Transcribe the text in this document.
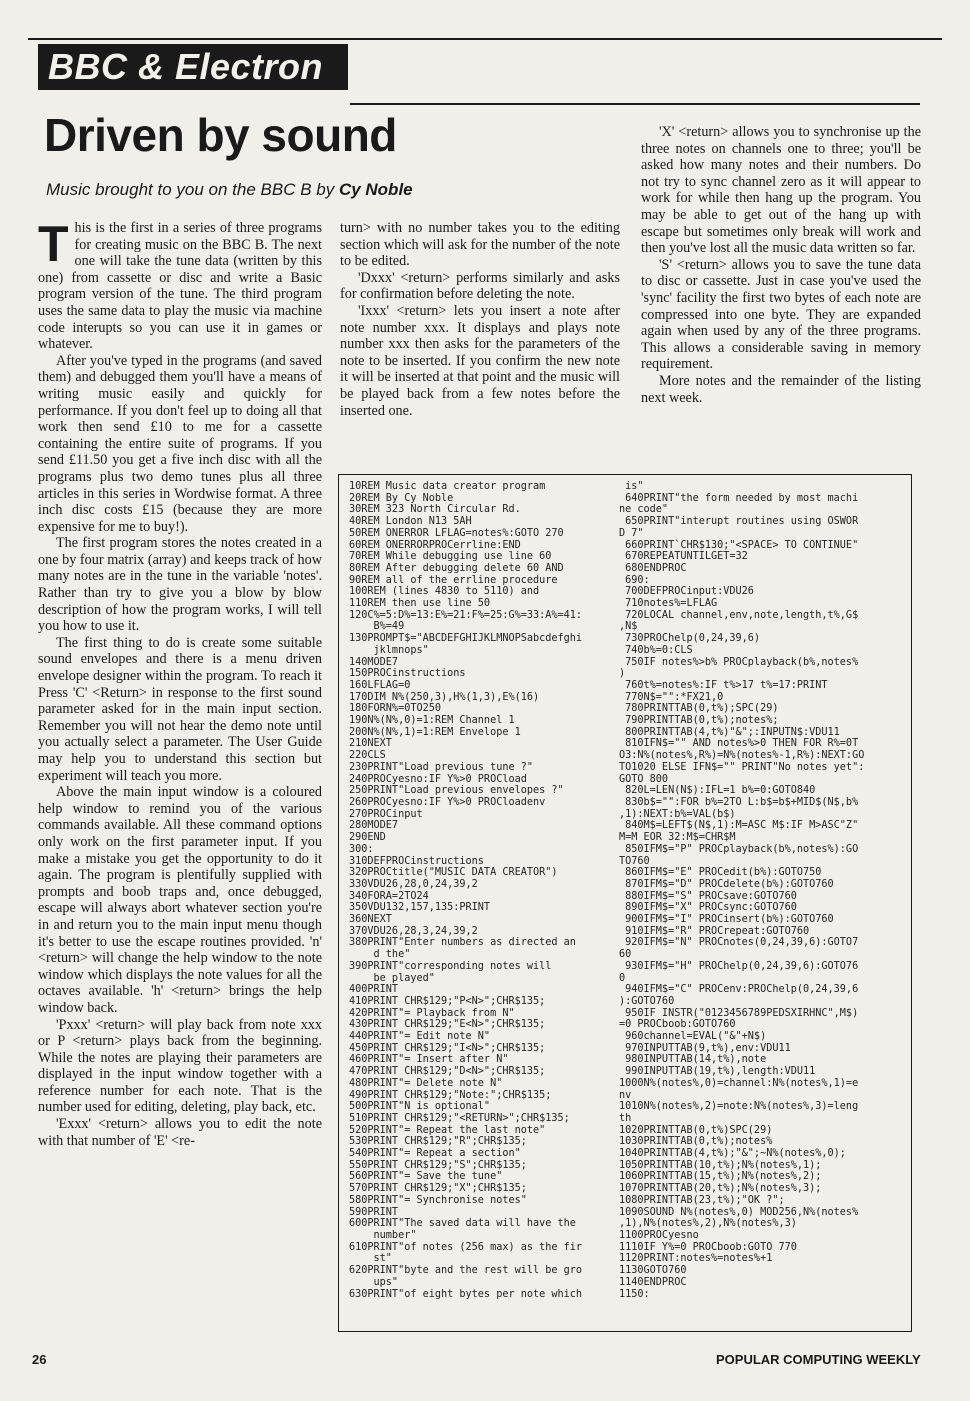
BBC & Electron
Driven by sound
Music brought to you on the BBC B by Cy Noble

This is the first in a series of three programs for creating music on the BBC B. The next one will take the tune data (written by this one) from cassette or disc and write a Basic program version of the tune. The third program uses the same data to play the music via machine code interupts so you can use it in games or whatever.

After you've typed in the programs (and saved them) and debugged them you'll have a means of writing music easily and quickly for performance. If you don't feel up to doing all that work then send £10 to me for a cassette containing the entire suite of programs. If you send £11.50 you get a five inch disc with all the programs plus two demo tunes plus all three articles in this series in Wordwise format. A three inch disc costs £15 (because they are more expensive for me to buy!).

The first program stores the notes created in a one by four matrix (array) and keeps track of how many notes are in the tune in the variable 'notes'. Rather than try to give you a blow by blow description of how the program works, I will tell you how to use it.

The first thing to do is create some suitable sound envelopes and there is a menu driven envelope designer within the program. To reach it Press 'C' <Return> in response to the first sound parameter asked for in the main input section. Remember you will not hear the demo note until you actually select a parameter. The User Guide may help you to understand this section but experiment will teach you more.

Above the main input window is a coloured help window to remind you of the various commands available. All these command options only work on the first parameter input. If you make a mistake you get the opportunity to do it again. The program is plentifully supplied with prompts and boob traps and, once debugged, escape will always abort whatever section you're in and return you to the main input menu though it's better to use the escape routines provided. 'n' <return> will change the help window to the note window which displays the note values for all the octaves available. 'h' <return> brings the help window back.

'Pxxx' <return> will play back from note xxx or P <return> plays back from the beginning. While the notes are playing their parameters are displayed in the input window together with a reference number for each note. That is the number used for editing, deleting, play back, etc.

'Exxx' <return> allows you to edit the note with that number of 'E' <re-

turn> with no number takes you to the editing section which will ask for the number of the note to be edited.

'Dxxx' <return> performs similarly and asks for confirmation before deleting the note.

'Ixxx' <return> lets you insert a note after note number xxx. It displays and plays note number xxx then asks for the parameters of the note to be inserted. If you confirm the new note it will be inserted at that point and the music will be played back from a few notes before the inserted one.

'X' <return> allows you to synchronise up the three notes on channels one to three; you'll be asked how many notes and their numbers. Do not try to sync channel zero as it will appear to work for while then hang up the program. You may be able to get out of the hang up with escape but sometimes only break will work and then you've lost all the music data written so far.

'S' <return> allows you to save the tune data to disc or cassette. Just in case you've used the 'sync' facility the first two bytes of each note are compressed into one byte. They are expanded again when used by any of the three programs. This allows a considerable saving in memory requirement.

More notes and the remainder of the listing next week.

10REM Music data creator program
20REM By Cy Noble
30REM 323 North Circular Rd.
40REM London N13 5AH
50REM ONERROR LFLAG=notes%:GOTO 270
60REM ONERRORPROCerrline:END
70REM While debugging use line 60
80REM After debugging delete 60 AND
90REM all of the errline procedure
100REM (lines 4830 to 5110) and
110REM then use line 50
120C%=5:D%=13:E%=21:F%=25:G%=33:A%=41:
B%=49
130PROMPT$="ABCDEFGHIJKLMNOPSabcdefghi
jklmnops"
140MODE7
150PROCinstructions
160LFLAG=0
170DIM N%(250,3),H%(1,3),E%(16)
180FORN%=0TO250
190N%(N%,0)=1:REM Channel 1
200N%(N%,1)=1:REM Envelope 1
210NEXT
220CLS
230PRINT"Load previous tune ?"
240PROCyesno:IF Y%>0 PROCload
250PRINT"Load previous envelopes ?"
260PROCyesno:IF Y%>0 PROCloadenv
270PROCinput
280MODE7
290END
300:
310DEFPROCinstructions
320PROCtitle("MUSIC DATA CREATOR")
330VDU26,28,0,24,39,2
340FORA=2TO24
350VDU132,157,135:PRINT
360NEXT
370VDU26,28,3,24,39,2
380PRINT"Enter numbers as directed an
d the"
390PRINT"corresponding notes will
be played"
400PRINT
410PRINT CHR$129;"P<N>";CHR$135;
420PRINT"= Playback from N"
430PRINT CHR$129;"E<N>";CHR$135;
440PRINT"= Edit note N"
450PRINT CHR$129;"I<N>";CHR$135;
460PRINT"= Insert after N"
470PRINT CHR$129;"D<N>";CHR$135;
480PRINT"= Delete note N"
490PRINT CHR$129;"Note:";CHR$135;
500PRINT"N is optional"
510PRINT CHR$129;"<RETURN>";CHR$135;
520PRINT"= Repeat the last note"
530PRINT CHR$129;"R";CHR$135;
540PRINT"= Repeat a section"
550PRINT CHR$129;"S";CHR$135;
560PRINT"= Save the tune"
570PRINT CHR$129;"X";CHR$135;
580PRINT"= Synchronise notes"
590PRINT
600PRINT"The saved data will have the
number"
610PRINT"of notes (256 max) as the fir
st"
620PRINT"byte and the rest will be gro
ups"
630PRINT"of eight bytes per note which
is"
640PRINT"the form needed by most machi
ne code"
650PRINT"interupt routines using OSWOR
D 7"
660PRINT`CHR$130;"<SPACE> TO CONTINUE"
670REPEATUNTILGET=32
680ENDPROC
690:
700DEFPROCinput:VDU26
710notes%=LFLAG
720LOCAL channel,env,note,length,t%,G$
,N$
730PROChelp(0,24,39,6)
740b%=0:CLS
750IF notes%>b% PROCplayback(b%,notes%
)
760t%=notes%:IF t%>17 t%=17:PRINT
770N$="":*FX21,0
780PRINTTAB(0,t%);SPC(29)
790PRINTTAB(0,t%);notes%;
800PRINTTAB(4,t%)"&";:INPUTN$:VDU11
810IFN$="" AND notes%>0 THEN FOR R%=0T
O3:N%(notes%,R%)=N%(notes%-1,R%):NEXT:GO
TO1020 ELSE IFN$="" PRINT"No notes yet":
GOTO 800
820L=LEN(N$):IFL=1 b%=0:GOTO840
830b$="":FOR b%=2TO L:b$=b$+MID$(N$,b%
,1):NEXT:b%=VAL(b$)
840M$=LEFT$(N$,1):M=ASC M$:IF M>ASC"Z"
M=M EOR 32:M$=CHR$M
850IFM$="P" PROCplayback(b%,notes%):GO
TO760
860IFM$="E" PROCedit(b%):GOTO750
870IFM$="D" PROCdelete(b%):GOTO760
880IFM$="S" PROCsave:GOTO760
890IFM$="X" PROCsync:GOTO760
900IFM$="I" PROCinsert(b%):GOTO760
910IFM$="R" PROCrepeat:GOTO760
920IFM$="N" PROCnotes(0,24,39,6):GOTO7
60
930IFM$="H" PROChelp(0,24,39,6):GOTO76
0
940IFM$="C" PROCenv:PROChelp(0,24,39,6
):GOTO760
950IF INSTR("0123456789PEDSXIRHNC",M$)
=0 PROCboob:GOTO760
960channel=EVAL("&"+N$)
970INPUTTAB(9,t%),env:VDU11
980INPUTTAB(14,t%),note
990INPUTTAB(19,t%),length:VDU11
1000N%(notes%,0)=channel:N%(notes%,1)=e
nv
1010N%(notes%,2)=note:N%(notes%,3)=leng
th
1020PRINTTAB(0,t%)SPC(29)
1030PRINTTAB(0,t%);notes%
1040PRINTTAB(4,t%);"&";~N%(notes%,0);
1050PRINTTAB(10,t%);N%(notes%,1);
1060PRINTTAB(15,t%);N%(notes%,2);
1070PRINTTAB(20,t%);N%(notes%,3);
1080PRINTTAB(23,t%);"OK ?";
1090SOUND N%(notes%,0) MOD256,N%(notes%
,1),N%(notes%,2),N%(notes%,3)
1100PROCyesno
1110IF Y%=0 PROCboob:GOTO 770
1120PRINT:notes%=notes%+1
1130GOTO760
1140ENDPROC
1150:
26	POPULAR COMPUTING WEEKLY
